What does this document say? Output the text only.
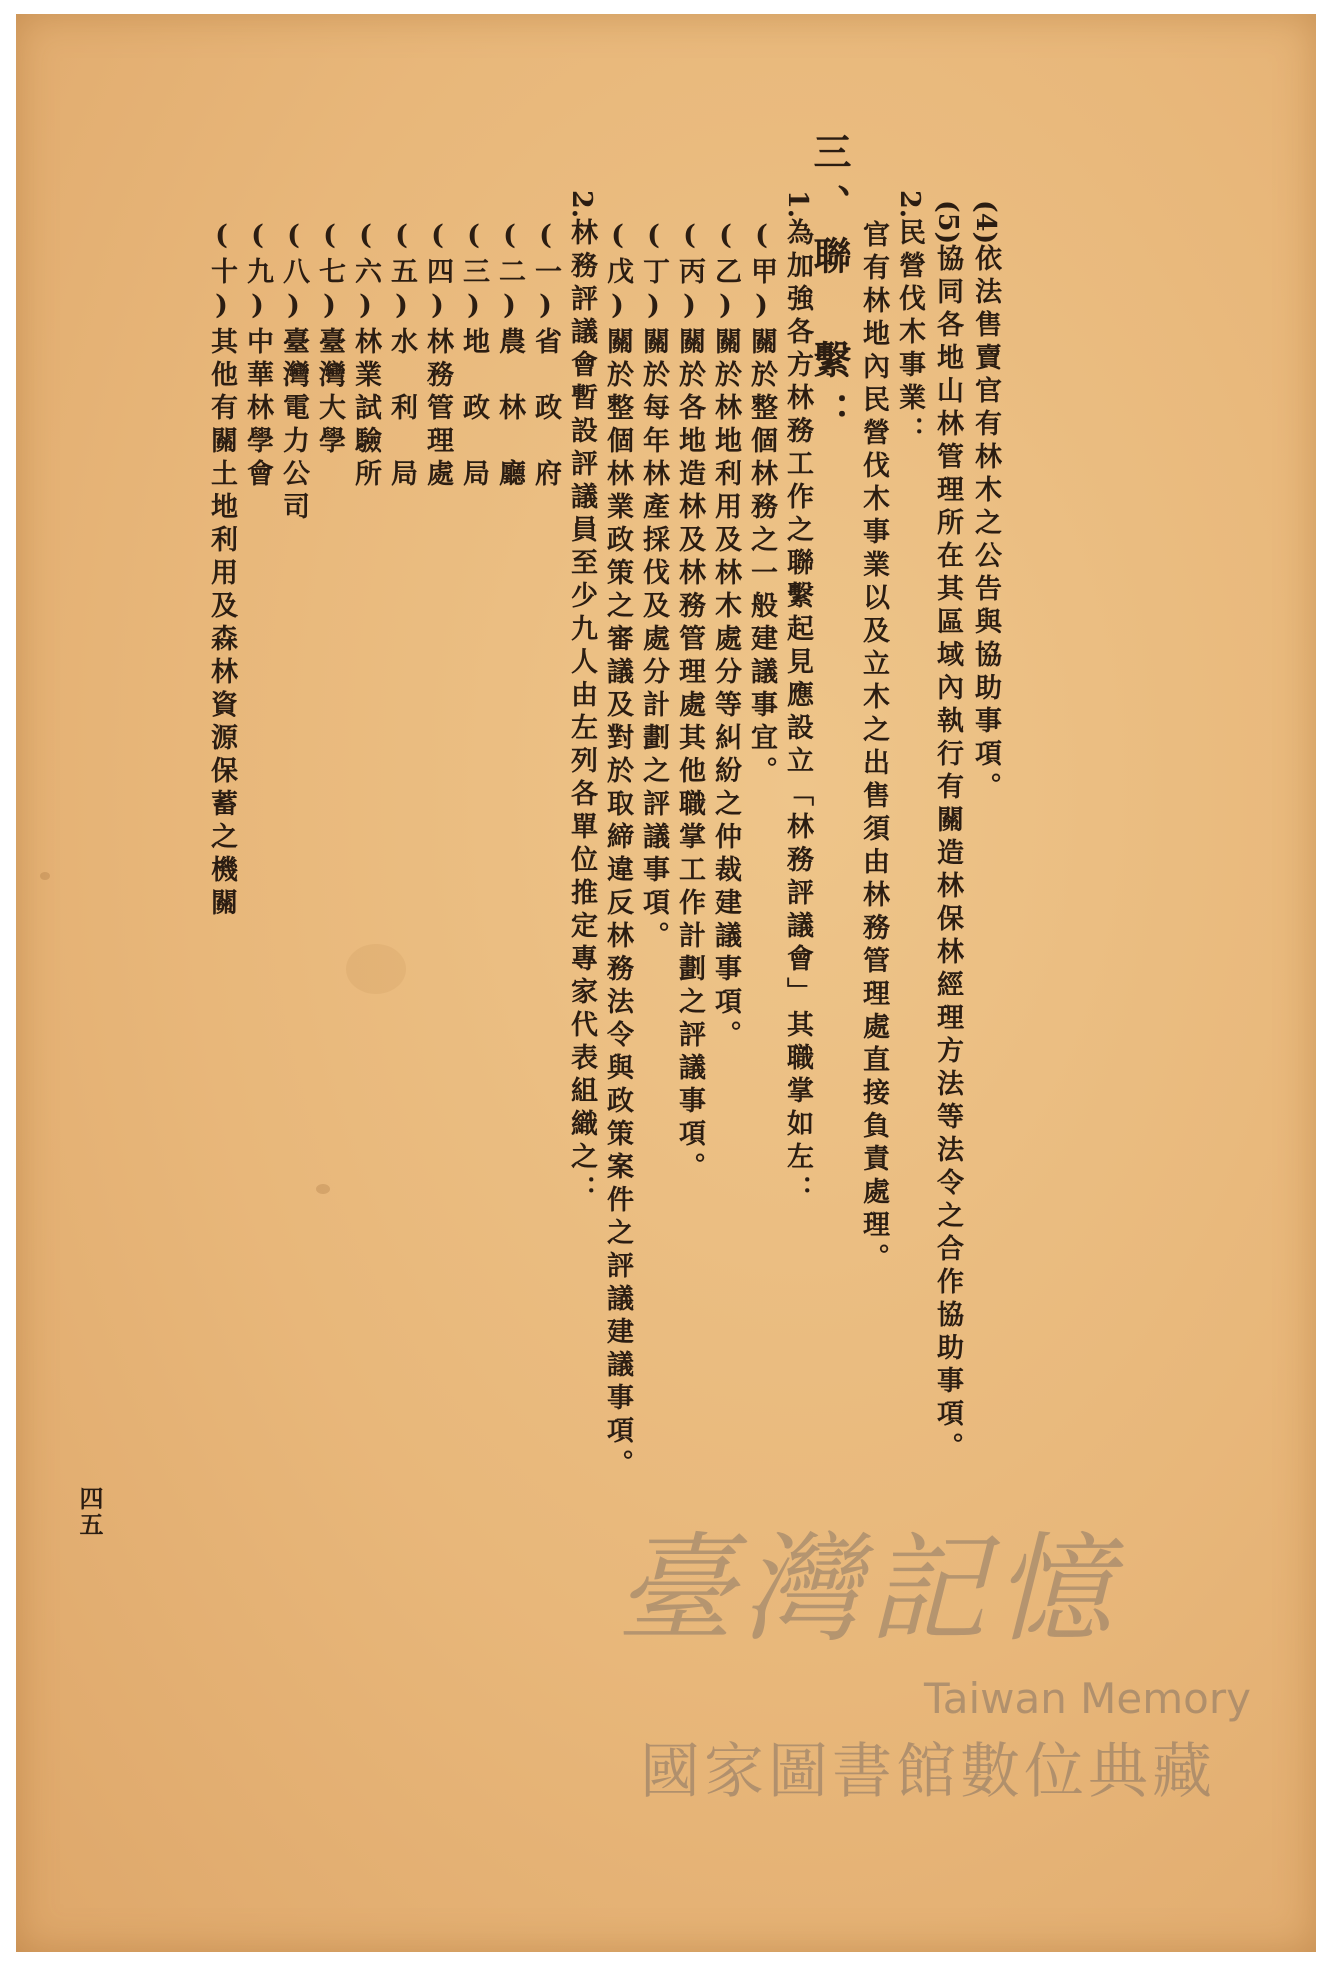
(4)依法售賣官有林木之公告與協助事項。
(5)協同各地山林管理所在其區域內執行有關造林保林經理方法等法令之合作協助事項。
2.民營伐木事業：
官有林地內民營伐木事業以及立木之出售須由林務管理處直接負責處理。
三、聯　繫：
1.為加強各方林務工作之聯繫起見應設立「林務評議會」其職掌如左：
(甲)關於整個林務之一般建議事宜。
(乙)關於林地利用及林木處分等糾紛之仲裁建議事項。
(丙)關於各地造林及林務管理處其他職掌工作計劃之評議事項。
(丁)關於每年林產採伐及處分計劃之評議事項。
(戊)關於整個林業政策之審議及對於取締違反林務法令與政策案件之評議建議事項。
2.林務評議會暫設評議員至少九人由左列各單位推定專家代表組織之：
(一)省　政　府
(二)農　林　廳
(三)地　政　局
(四)林務管理處
(五)水　利　局
(六)林業試驗所
(七)臺灣大學
(八)臺灣電力公司
(九)中華林學會
(十)其他有關土地利用及森林資源保蓄之機關
四五
臺灣記憶
Taiwan Memory
國家圖書館數位典藏
